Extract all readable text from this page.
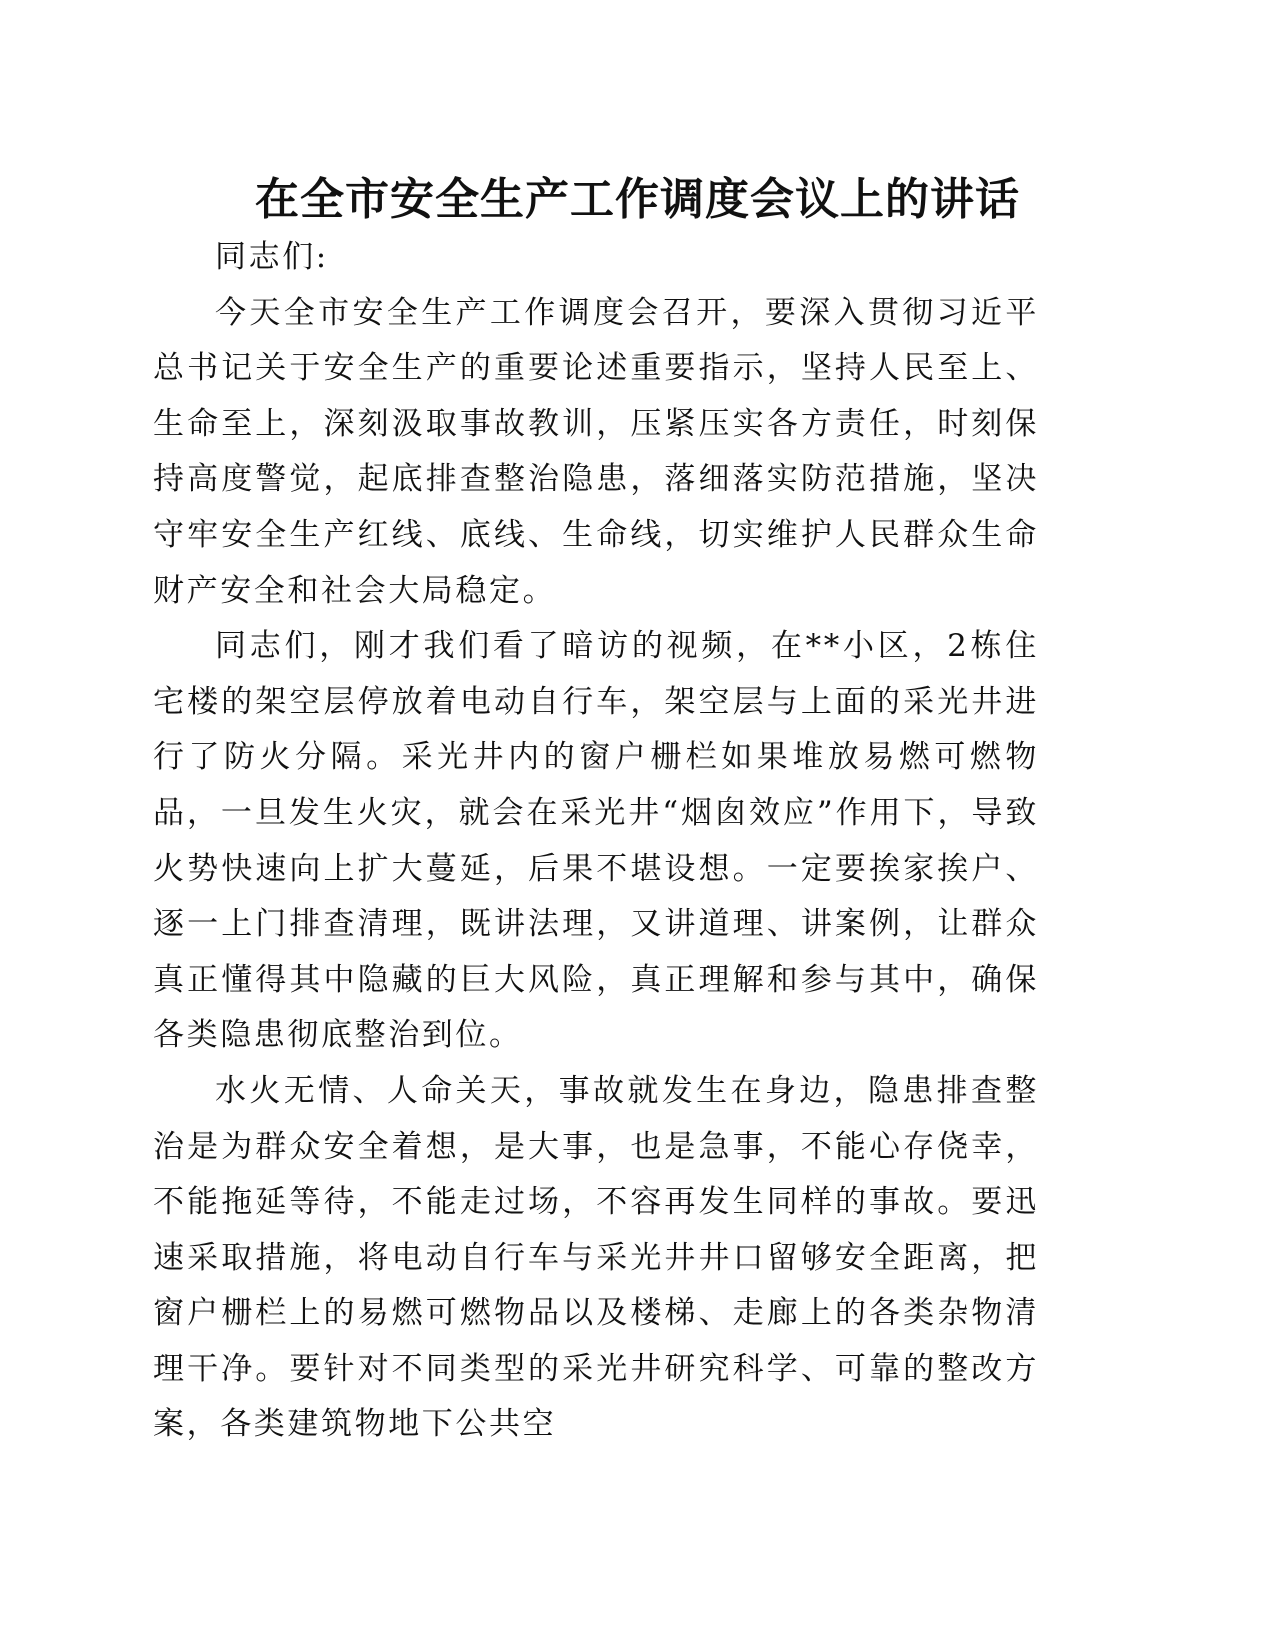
在全市安全生产工作调度会议上的讲话

同志们:

今天全市安全生产工作调度会召开，要深入贯彻习近平总书记关于安全生产的重要论述重要指示，坚持人民至上、生命至上，深刻汲取事故教训，压紧压实各方责任，时刻保持高度警觉，起底排查整治隐患，落细落实防范措施，坚决守牢安全生产红线、底线、生命线，切实维护人民群众生命财产安全和社会大局稳定。

同志们，刚才我们看了暗访的视频，在**小区，2栋住宅楼的架空层停放着电动自行车，架空层与上面的采光井进行了防火分隔。采光井内的窗户栅栏如果堆放易燃可燃物品，一旦发生火灾，就会在采光井“烟囱效应”作用下，导致火势快速向上扩大蔓延，后果不堪设想。一定要挨家挨户、逐一上门排查清理，既讲法理，又讲道理、讲案例，让群众真正懂得其中隐藏的巨大风险，真正理解和参与其中，确保各类隐患彻底整治到位。

水火无情、人命关天，事故就发生在身边，隐患排查整治是为群众安全着想，是大事，也是急事，不能心存侥幸，不能拖延等待，不能走过场，不容再发生同样的事故。要迅速采取措施，将电动自行车与采光井井口留够安全距离，把窗户栅栏上的易燃可燃物品以及楼梯、走廊上的各类杂物清理干净。要针对不同类型的采光井研究科学、可靠的整改方案，各类建筑物地下公共空
